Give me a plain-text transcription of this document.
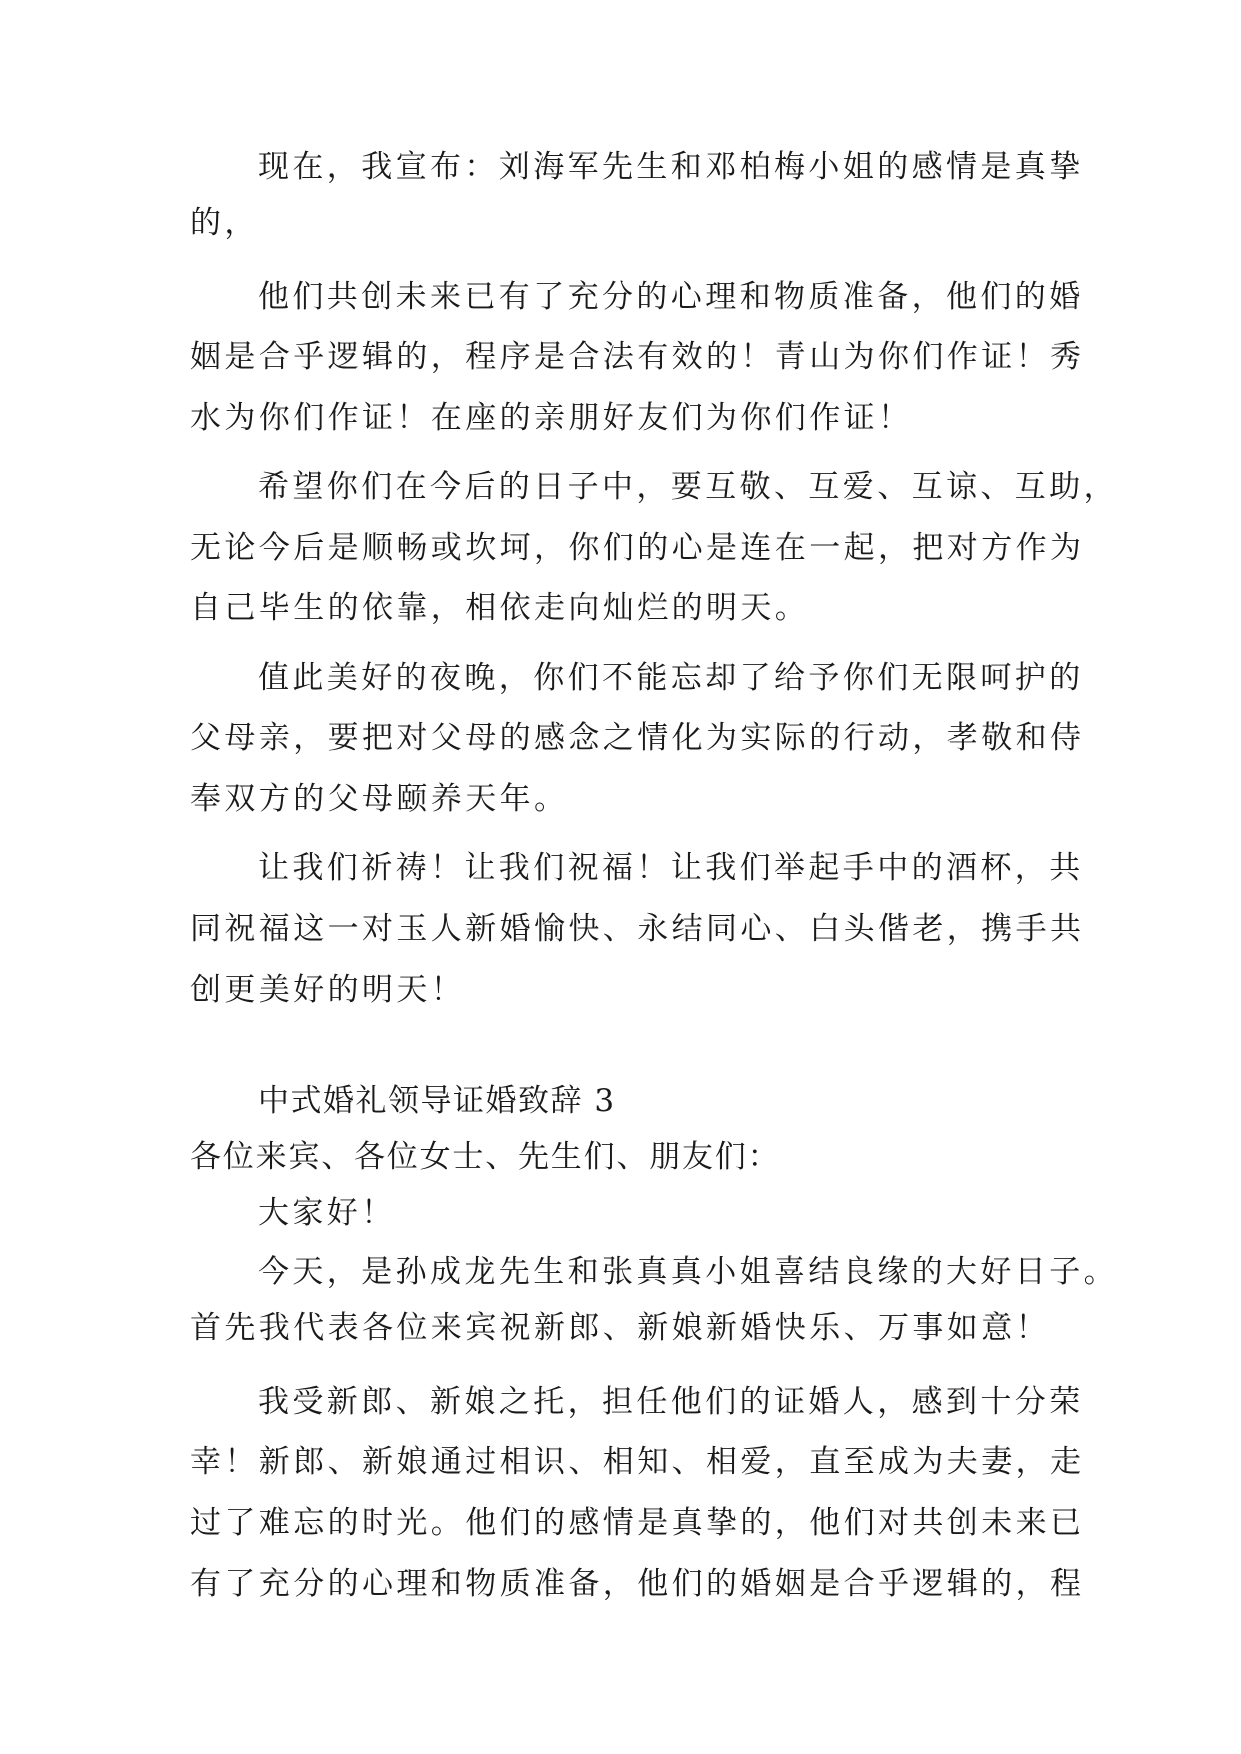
现在，我宣布：刘海军先生和邓柏梅小姐的感情是真挚
的，
他们共创未来已有了充分的心理和物质准备，他们的婚
姻是合乎逻辑的，程序是合法有效的！青山为你们作证！秀
水为你们作证！在座的亲朋好友们为你们作证！
希望你们在今后的日子中，要互敬、互爱、互谅、互助，
无论今后是顺畅或坎坷，你们的心是连在一起，把对方作为
自己毕生的依靠，相依走向灿烂的明天。
值此美好的夜晚，你们不能忘却了给予你们无限呵护的
父母亲，要把对父母的感念之情化为实际的行动，孝敬和侍
奉双方的父母颐养天年。
让我们祈祷！让我们祝福！让我们举起手中的酒杯，共
同祝福这一对玉人新婚愉快、永结同心、白头偕老，携手共
创更美好的明天！
中式婚礼领导证婚致辞 3
各位来宾、各位女士、先生们、朋友们：
大家好！
今天，是孙成龙先生和张真真小姐喜结良缘的大好日子。
首先我代表各位来宾祝新郎、新娘新婚快乐、万事如意！
我受新郎、新娘之托，担任他们的证婚人，感到十分荣
幸！新郎、新娘通过相识、相知、相爱，直至成为夫妻，走
过了难忘的时光。他们的感情是真挚的，他们对共创未来已
有了充分的心理和物质准备，他们的婚姻是合乎逻辑的，程
